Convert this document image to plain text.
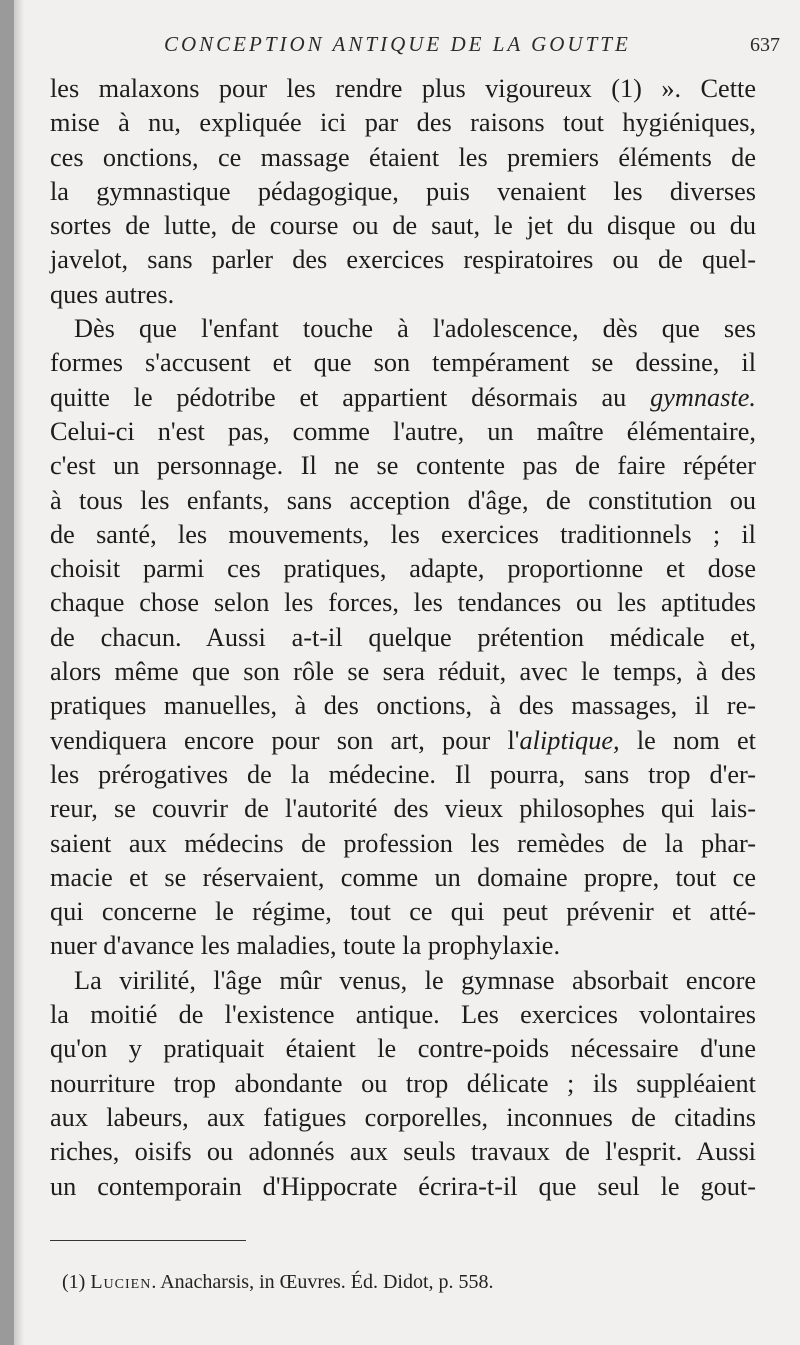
CONCEPTION ANTIQUE DE LA GOUTTE	637
les malaxons pour les rendre plus vigoureux (1) ». Cette
mise à nu, expliquée ici par des raisons tout hygiéniques,
ces onctions, ce massage étaient les premiers éléments de
la gymnastique pédagogique, puis venaient les diverses
sortes de lutte, de course ou de saut, le jet du disque ou du
javelot, sans parler des exercices respiratoires ou de quel-
ques autres.
Dès que l'enfant touche à l'adolescence, dès que ses
formes s'accusent et que son tempérament se dessine, il
quitte le pédotribe et appartient désormais au gymnaste.
Celui-ci n'est pas, comme l'autre, un maître élémentaire,
c'est un personnage. Il ne se contente pas de faire répéter
à tous les enfants, sans acception d'âge, de constitution ou
de santé, les mouvements, les exercices traditionnels ; il
choisit parmi ces pratiques, adapte, proportionne et dose
chaque chose selon les forces, les tendances ou les aptitudes
de chacun. Aussi a-t-il quelque prétention médicale et,
alors même que son rôle se sera réduit, avec le temps, à des
pratiques manuelles, à des onctions, à des massages, il re-
vendiquera encore pour son art, pour l'aliptique, le nom et
les prérogatives de la médecine. Il pourra, sans trop d'er-
reur, se couvrir de l'autorité des vieux philosophes qui lais-
saient aux médecins de profession les remèdes de la phar-
macie et se réservaient, comme un domaine propre, tout ce
qui concerne le régime, tout ce qui peut prévenir et atté-
nuer d'avance les maladies, toute la prophylaxie.
La virilité, l'âge mûr venus, le gymnase absorbait encore
la moitié de l'existence antique. Les exercices volontaires
qu'on y pratiquait étaient le contre-poids nécessaire d'une
nourriture trop abondante ou trop délicate ; ils suppléaient
aux labeurs, aux fatigues corporelles, inconnues de citadins
riches, oisifs ou adonnés aux seuls travaux de l'esprit. Aussi
un contemporain d'Hippocrate écrira-t-il que seul le gout-
(1) Lucien. Anacharsis, in Œuvres. Éd. Didot, p. 558.
